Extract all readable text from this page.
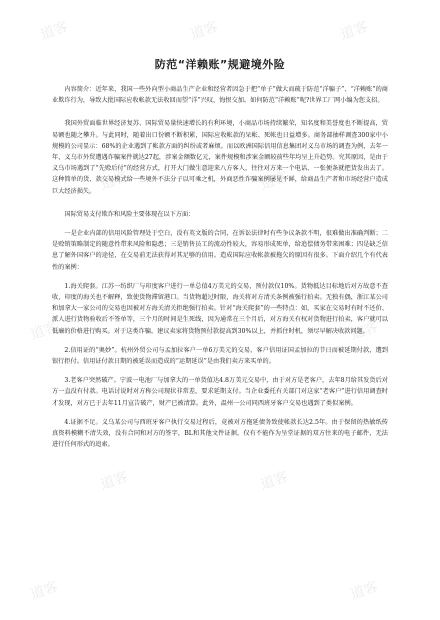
防范“洋赖账”规避境外险

内容简介：近年来，我国一些外向型小商品生产企业和经营者因急于把“单子”做大而疏于防范“洋骗子”、“洋赖账”的商业欺诈行为，导致大批国际应收帐款无法收回而望“洋”兴叹，悔恨交加。如何防范“洋赖账”呢?世界工厂网小编为您支招。

我国外贸面临世界经济复苏、国际贸易量快速增长的有利环境，小商品市场持续繁荣，知名度和美誉度也不断提高，贸易额也随之攀升。与此同时，随着出口份额不断积累，国际应收帐款的呆帐、死帐也日益增多。商务部抽样调查300家中小规模的公司显示：68%的企业遇到了帐款方面的纠纷或者麻烦。而以欧洲国际信用信息集团对义乌市场的调查为例，去年一年，义乌市外贸遭遇诈骗案件就达27起，涉案金额数亿元，案件规模和涉案金额较前些年均呈上升趋势。究其原因，是由于义乌市场遇到了“先赊后付”的经营方式，打开大门做生意迎来八方客人，往往对方来一个电话、一张便条就把货发出去了。这种简单的货、款交易模式给一些境外不法分子以可乘之机，外商恶性诈骗案例屡见不鲜，给商品生产者和市场经营户造成巨大经济损失。

国际贸易支付欺诈和风险主要体现在以下方面：

一是企业内部的信用风险管理处于空白，没有英文版的合同，在诉讼法律时有些争议条款不明，很难做出准确判断；二是赊销策略制定的随意性带来风险和隐患；三是销售员工的流动性较大，容易形成死单，给追偿债务带来困难；四是缺乏信息了解外国客户的途径，在交易前无法获得对其足够的信用。造成国际应收帐款被拖欠的原因有很多。下面介绍几个有代表性的案例：

1.海关爬套。江苏一纺织厂与印度客户进行一单总值4万美元的交易，预付款仅10%。货物抵达目标地后对方故意不查收，印度的海关也不解释，致使货物滞留港口。当货物超过时限，海关将对方清关条例被强行拍卖。无独有偶，浙江某公司和加拿大一家公司的交易也因被对方海关清关拒绝强行拍卖。针对“海关爬套”的一些特点：如，买家在交易时有时不还价、派人进行货物验收后不签单等，三个月的时间是生死线，因为通常在三个月后，对方海关有权对货物进行拍卖，客户就可以低廉的价格进行购买。对于这类诈骗，建议卖家将货物预付款提高到30%以上，并抓住时机，须尽早解决收款问题。

2.信用证的“奥妙”。杭州外贸公司与孟加拉客户一单6万美元的交易，客户信用证国孟加拉的节日而被延期付款，遭到银行拒付。信用证付款日期的被延误而造成的“运期延误”是由我们卖方来买单的。

3.老客户突然破产。宁波一电池厂与加拿大的一单货值达4.8万美元交易中，由于对方是老客户，去年8月给其发货后对方一直没有付款。电话讨说时对方称公司现状非常差，要求延期支付。当企业委托有关部门对这家“老客户”进行信用调查时才发现，对方已于去年11月宣告破产，财产已被清算。此外，温州一公司同西班牙客户交易也遇到了类似案例。

4.证据不足。义乌某公司与西班牙客户执行交易过程后，竟被对方拖延债务致使帐款长达2.5年。由于保留的热敏纸传真资料模糊不清失效，没有合同和对方的签字，BL和其他文件证据，仅有不能作为呈堂证据的双方往来的电子邮件，无法进行任何形式的追索。

道客	道客	道客
道客	道客
道客	道客	道客
道客	道客
道客	道客
